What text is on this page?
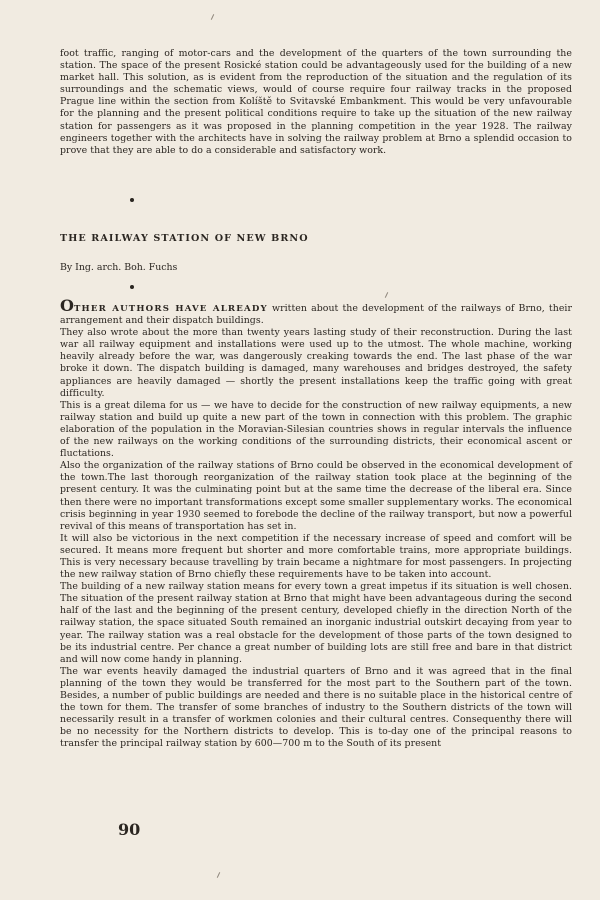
foot traffic, ranging of motor-cars and the development of the quarters of the town surrounding the station. The space of the present Rosické station could be advantageously used for the building of a new market hall. This solution, as is evident from the reproduction of the situation and the regulation of its surroundings and the schematic views, would of course require four railway tracks in the proposed Prague line within the section from Kolíště to Svitavské Embankment. This would be very unfavourable for the planning and the present political conditions require to take up the situation of the new railway station for passengers as it was proposed in the planning competition in the year 1928. The railway engineers together with the architects have in solving the railway problem at Brno a splendid occasion to prove that they are able to do a considerable and satisfactory work.

THE RAILWAY STATION OF NEW BRNO

By Ing. arch. Boh. Fuchs

OTHER AUTHORS HAVE ALREADY written about the development of the railways of Brno, their arrangement and their dispatch buildings.

They also wrote about the more than twenty years lasting study of their reconstruction. During the last war all railway equipment and installations were used up to the utmost. The whole machine, working heavily already before the war, was dangerously creaking towards the end. The last phase of the war broke it down. The dispatch building is damaged, many warehouses and bridges destroyed, the safety appliances are heavily damaged — shortly the present installations keep the traffic going with great difficulty.

This is a great dilema for us — we have to decide for the construction of new railway equipments, a new railway station and build up quite a new part of the town in connection with this problem. The graphic elaboration of the population in the Moravian-Silesian countries shows in regular intervals the influence of the new railways on the working conditions of the surrounding districts, their economical ascent or fluctations.

Also the organization of the railway stations of Brno could be observed in the economical development of the town.The last thorough reorganization of the railway station took place at the beginning of the present century. It was the culminating point but at the same time the decrease of the liberal era. Since then there were no important transformations except some smaller supplementary works. The economical crisis beginning in year 1930 seemed to forebode the decline of the railway transport, but now a powerful revival of this means of transportation has set in.

It will also be victorious in the next competition if the necessary increase of speed and comfort will be secured. It means more frequent but shorter and more comfortable trains, more appropriate buildings. This is very necessary because travelling by train became a nightmare for most passengers. In projecting the new railway station of Brno chiefly these requirements have to be taken into account.

The building of a new railway station means for every town a great impetus if its situation is well chosen. The situation of the present railway station at Brno that might have been advantageous during the second half of the last and the beginning of the present century, developed chiefly in the direction North of the railway station, the space situated South remained an inorganic industrial outskirt decaying from year to year. The railway station was a real obstacle for the development of those parts of the town designed to be its industrial centre. Per chance a great number of building lots are still free and bare in that district and will now come handy in planning.

The war events heavily damaged the industrial quarters of Brno and it was agreed that in the final planning of the town they would be transferred for the most part to the Southern part of the town. Besides, a number of public buildings are needed and there is no suitable place in the historical centre of the town for them. The transfer of some branches of industry to the Southern districts of the town will necessarily result in a transfer of workmen colonies and their cultural centres. Consequenthy there will be no necessity for the Northern districts to develop. This is to-day one of the principal reasons to transfer the principal railway station by 600—700 m to the South of its present

90
